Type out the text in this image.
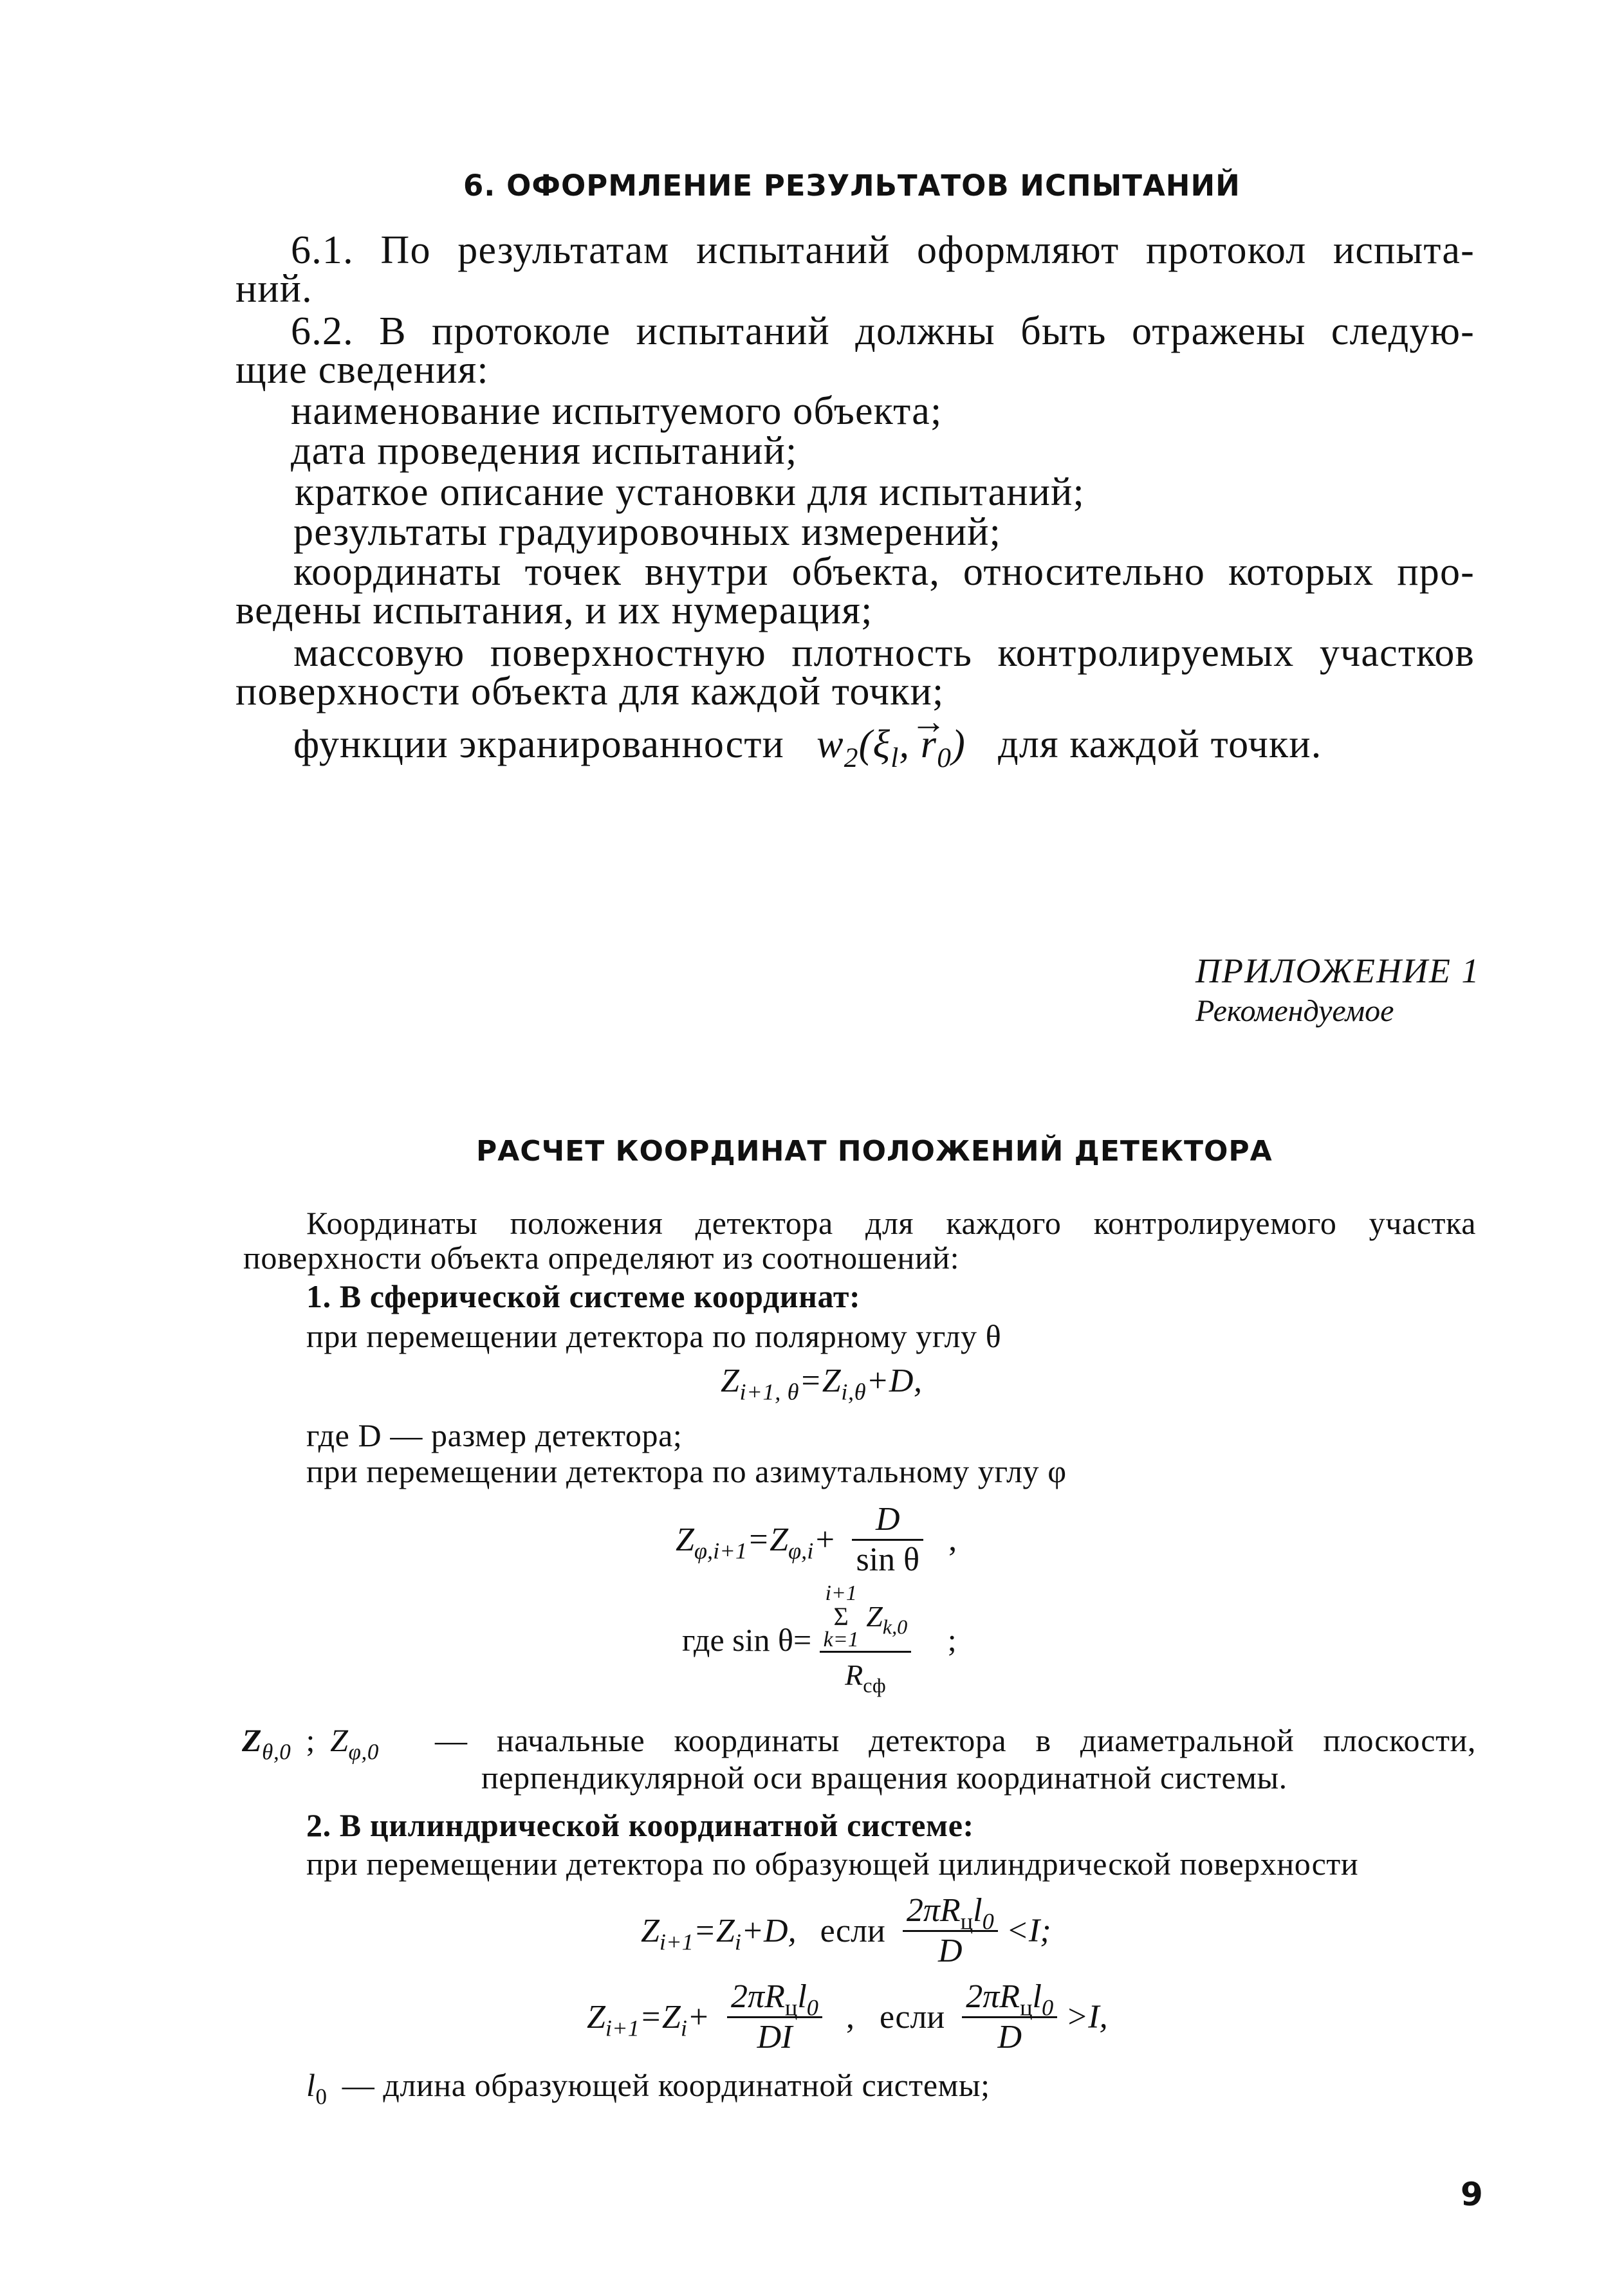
6. ОФОРМЛЕНИЕ РЕЗУЛЬТАТОВ ИСПЫТАНИЙ
6.1. По результатам испытаний оформляют протокол испыта-
ний.
6.2. В протоколе испытаний должны быть отражены следую-
щие сведения:
наименование испытуемого объекта;
дата проведения испытаний;
краткое описание установки для испытаний;
результаты градуировочных измерений;
координаты точек внутри объекта, относительно которых про-
ведены испытания, и их нумерация;
массовую поверхностную плотность контролируемых участков
поверхности объекта для каждой точки;
функции экранированности $w_2(\xi_l$, → $r_0$) для каждой точки.
ПРИЛОЖЕНИЕ 1
Рекомендуемое
РАСЧЕТ КООРДИНАТ ПОЛОЖЕНИЙ ДЕТЕКТОРА
Координаты положения детектора для каждого контролируемого участка
поверхности объекта определяют из соотношений:
1. В сферической системе координат:
при перемещении детектора по полярному углу θ
$Z_{i+1, \theta}=Z_{i,\theta}+D$,
где D — размер детектора;
при перемещении детектора по азимутальному углу φ
$Z_{\varphi,i+1}=Z_{\varphi,i}+ \frac{D}{\text{sin θ}}$ ,
где sin θ= i+1
Σ
k=1
$Z_{k,0}$
$R_{сф}$ ;
$Z_{\theta,0}$ ; $Z_{\varphi,0}$ — начальные координаты детектора в диаметральной плоскости,
перпендикулярной оси вращения координатной системы.
2. В цилиндрической координатной системе:
при перемещении детектора по образующей цилиндрической поверхности
$Z_{i+1}=Z_i+D$, если $\frac{2\pi R_цl_0}{D} <I$;
$Z_{i+1}=Z_i+ \frac{2\pi R_цl_0}{DI}$ , если $\frac{2\pi R_цl_0}{D} >I$,
$l_0$ — длина образующей координатной системы;
9
